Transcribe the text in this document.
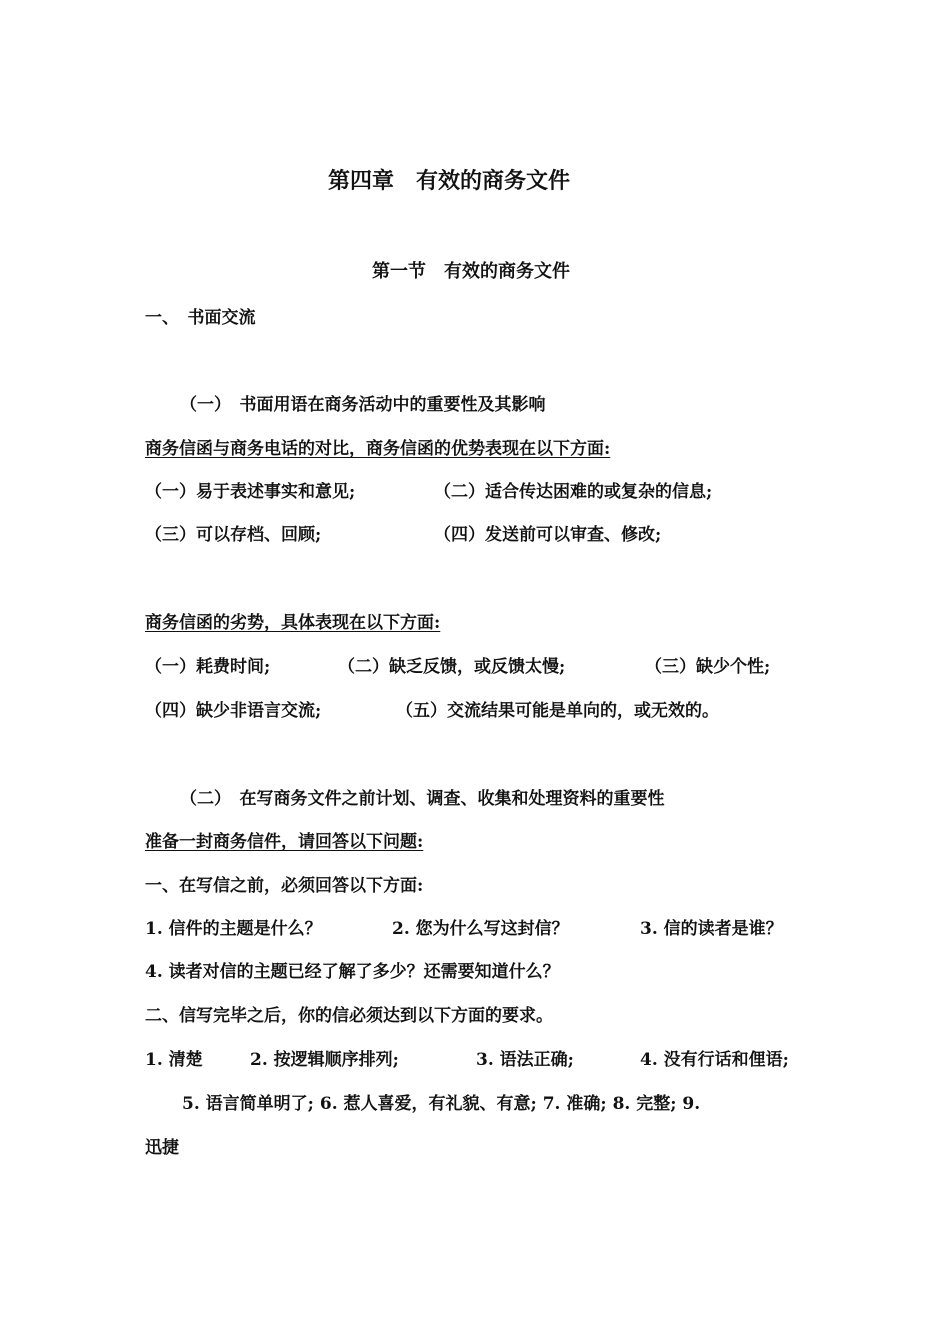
第四章　有效的商务文件
第一节　有效的商务文件
一、　书面交流
（一）　书面用语在商务活动中的重要性及其影响
商务信函与商务电话的对比，商务信函的优势表现在以下方面:
（一）易于表述事实和意见;	（二）适合传达困难的或复杂的信息;
（三）可以存档、回顾;	（四）发送前可以审查、修改;
商务信函的劣势，具体表现在以下方面:
（一）耗费时间;	（二）缺乏反馈，或反馈太慢;	（三）缺少个性;
（四）缺少非语言交流;	（五）交流结果可能是单向的，或无效的。
（二）　在写商务文件之前计划、调查、收集和处理资料的重要性
准备一封商务信件，请回答以下问题:
一、在写信之前，必须回答以下方面:
1. 信件的主题是什么？	2. 您为什么写这封信？	3. 信的读者是谁？
4. 读者对信的主题已经了解了多少？还需要知道什么？
二、信写完毕之后，你的信必须达到以下方面的要求。
1. 清楚	2. 按逻辑顺序排列;	3. 语法正确;	4. 没有行话和俚语;
5. 语言简单明了; 6. 惹人喜爱，有礼貌、有意; 7. 准确; 8. 完整; 9.
迅捷
